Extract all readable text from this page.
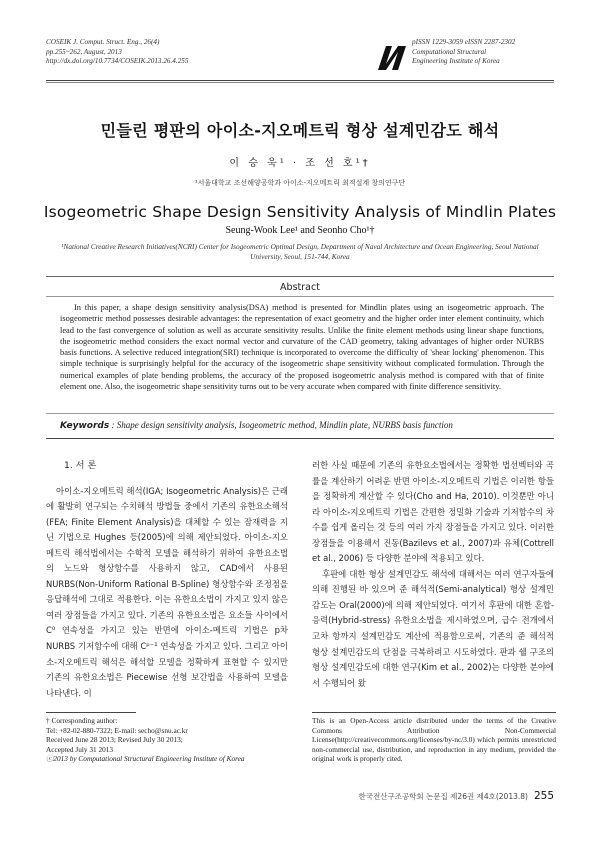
COSEIK J. Comput. Struct. Eng., 26(4)
pp.255~262, August, 2013
http://dx.doi.org/10.7734/COSEIK.2013.26.4.255
pISSN 1229-3059 eISSN 2287-2302
Computational Structural
Engineering Institute of Korea
민들린 평판의 아이소-지오메트릭 형상 설계민감도 해석
이 승 욱¹ · 조 선 호¹†
¹서울대학교 조선해양공학과 아이소-지오메트릭 최적설계 창의연구단
Isogeometric Shape Design Sensitivity Analysis of Mindlin Plates
Seung-Wook Lee¹ and Seonho Cho¹†
¹National Creative Research Initiatives(NCRI) Center for Isogeometric Optimal Design, Department of Naval Architecture and Ocean Engineering, Seoul National University, Seoul, 151-744, Korea
Abstract
In this paper, a shape design sensitivity analysis(DSA) method is presented for Mindlin plates using an isogeometric approach. The isogeometric method possesses desirable advantages: the representation of exact geometry and the higher order inter element continuity, which lead to the fast convergence of solution as well as accurate sensitivity results. Unlike the finite element methods using linear shape functions, the isogeometric method considers the exact normal vector and curvature of the CAD geometry, taking advantages of higher order NURBS basis functions. A selective reduced integration(SRI) technique is incorporated to overcome the difficulty of 'shear locking' phenomenon. This simple technique is surprisingly helpful for the accuracy of the isogeometric shape sensitivity without complicated formulation. Through the numerical examples of plate bending problems, the accuracy of the proposed isogeometric analysis method is compared with that of finite element one. Also, the isogeometric shape sensitivity turns out to be very accurate when compared with finite difference sensitivity.
Keywords : Shape design sensitivity analysis, Isogeometric method, Mindlin plate, NURBS basis function
1. 서 론
아이소-지오메트릭 해석(IGA; Isogeometric Analysis)은 근래에 활발히 연구되는 수치해석 방법들 중에서 기존의 유한요소해석(FEA; Finite Element Analysis)을 대체할 수 있는 잠재력을 지닌 기법으로 Hughes 등(2005)에 의해 제안되었다. 아이소-지오메트릭 해석법에서는 수학적 모델을 해석하기 위하여 유한요소법의 노드와 형상함수를 사용하지 않고, CAD에서 사용된 NURBS(Non-Uniform Rational B-Spline) 형상함수와 조정점을 응답해석에 그대로 적용한다. 이는 유한요소법이 가지고 있지 않은 여러 장점들을 가지고 있다. 기존의 유한요소법은 요소들 사이에서 C⁰ 연속성을 가지고 있는 반면에 아이소-메트릭 기법은 p차 NURBS 기저함수에 대해 Cᵖ⁻¹ 연속성을 가지고 있다. 그리고 아이소-지오메트릭 해석은 해석할 모델을 정확하게 표현할 수 있지만 기존의 유한요소법은 Piecewise 선형 보간법을 사용하여 모델을 나타낸다. 이
러한 사실 때문에 기존의 유한요소법에서는 정확한 법선벡터와 곡률을 계산하기 어려운 반면 아이소-지오메트릭 기법은 이러한 항들을 정확하게 계산할 수 있다(Cho and Ha, 2010). 이것뿐만 아니라 아이소-지오메트릭 기법은 간편한 정밀화 기술과 기저함수의 차수를 쉽게 올리는 것 등의 여러 가지 장점들을 가지고 있다. 이러한 장점들을 이용해서 진동(Bazilevs et al., 2007)과 유체(Cottrell et al., 2006) 등 다양한 분야에 적용되고 있다.
후판에 대한 형상 설계민감도 해석에 대해서는 여러 연구자들에 의해 진행된 바 있으며 준 해석적(Semi-analytical) 형상 설계민감도는 Oral(2000)에 의해 제안되었다. 여기서 후판에 대한 혼합-응력(Hybrid-stress) 유한요소법을 제시하였으며, 급수 전개에서 고차 항까지 설계민감도 계산에 적용함으로써, 기존의 준 해석적 형상 설계민감도의 단점을 극복하려고 시도하였다. 판과 쉘 구조의 형상 설계민감도에 대한 연구(Kim et al., 2002)는 다양한 분야에서 수행되어 왔
† Corresponding author:
Tel: +82-02-880-7322; E-mail: secho@snu.ac.kr
Received June 28 2013; Revised July 30 2013;
Accepted July 31 2013
ⓒ2013 by Computational Structural Engineering Institute of Korea
This is an Open-Access article distributed under the terms of the Creative Commons Attribution Non-Commercial License(http://creativecommons.org/licenses/by-nc/3.0) which permits unrestricted non-commercial use, distribution, and reproduction in any medium, provided the original work is properly cited.
한국전산구조공학회 논문집 제26권 제4호(2013.8) 255
